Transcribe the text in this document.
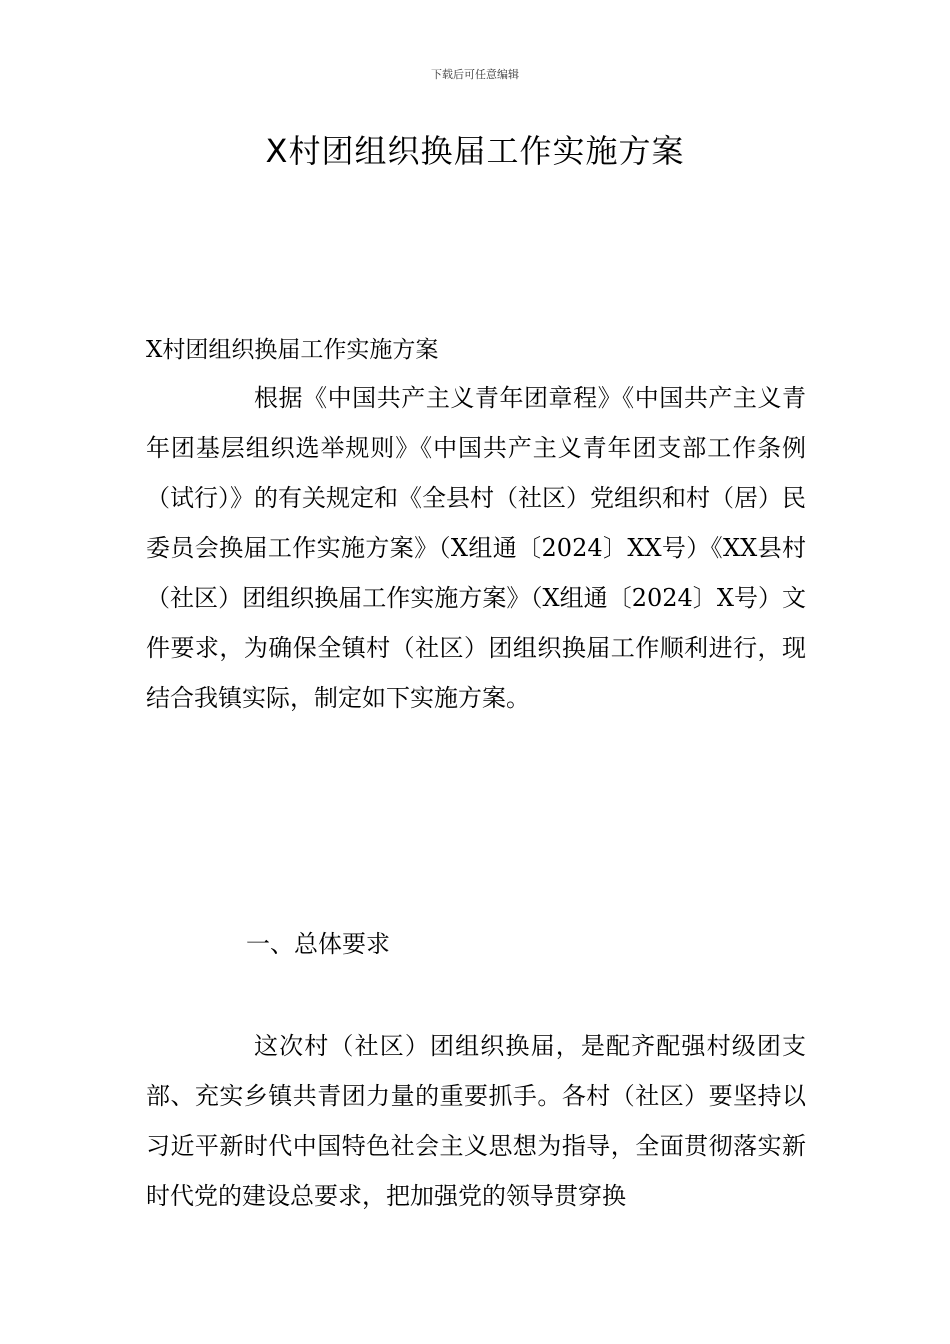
下载后可任意编辑
X村团组织换届工作实施方案
X村团组织换届工作实施方案
根据《中国共产主义青年团章程》《中国共产主义青年团基层组织选举规则》《中国共产主义青年团支部工作条例（试行）》的有关规定和《全县村（社区）党组织和村（居）民委员会换届工作实施方案》（X组通〔2024〕XX号）《XX县村（社区）团组织换届工作实施方案》（X组通〔2024〕X号）文件要求，为确保全镇村（社区）团组织换届工作顺利进行，现结合我镇实际，制定如下实施方案。
一、总体要求
这次村（社区）团组织换届，是配齐配强村级团支部、充实乡镇共青团力量的重要抓手。各村（社区）要坚持以习近平新时代中国特色社会主义思想为指导，全面贯彻落实新时代党的建设总要求，把加强党的领导贯穿换
